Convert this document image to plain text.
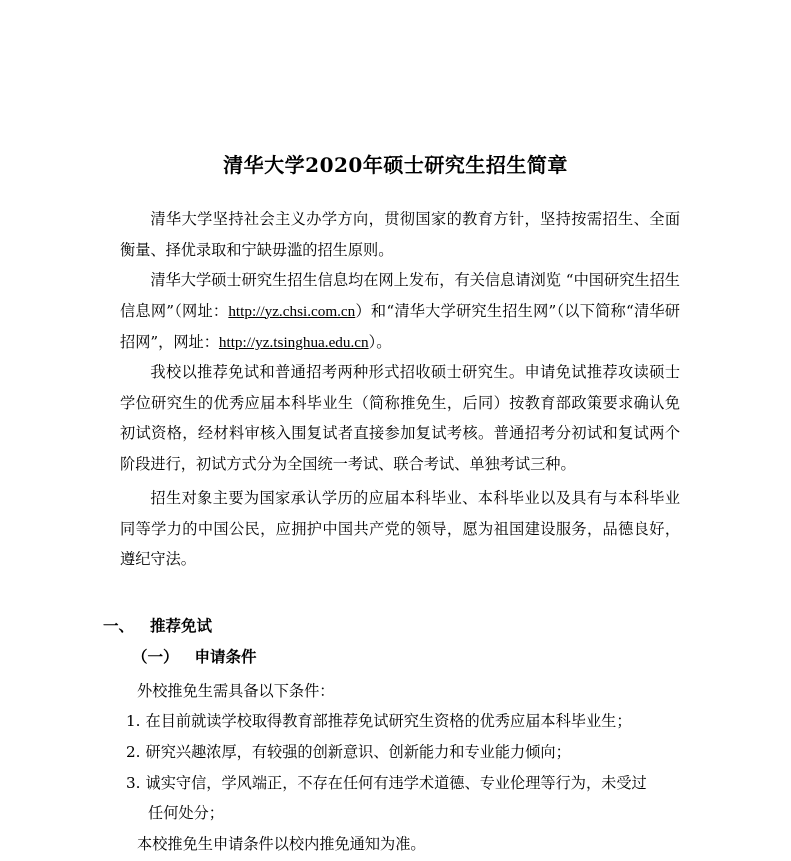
清华大学2020年硕士研究生招生简章

清华大学坚持社会主义办学方向，贯彻国家的教育方针，坚持按需招生、全面衡量、择优录取和宁缺毋滥的招生原则。

清华大学硕士研究生招生信息均在网上发布，有关信息请浏览 “中国研究生招生信息网”（网址：http://yz.chsi.com.cn）和“清华大学研究生招生网”（以下简称“清华研招网”，网址：http://yz.tsinghua.edu.cn）。

我校以推荐免试和普通招考两种形式招收硕士研究生。申请免试推荐攻读硕士学位研究生的优秀应届本科毕业生（简称推免生，后同）按教育部政策要求确认免初试资格，经材料审核入围复试者直接参加复试考核。普通招考分初试和复试两个阶段进行，初试方式分为全国统一考试、联合考试、单独考试三种。

招生对象主要为国家承认学历的应届本科毕业、本科毕业以及具有与本科毕业同等学力的中国公民，应拥护中国共产党的领导，愿为祖国建设服务，品德良好，遵纪守法。

一、 推荐免试
（一） 申请条件

外校推免生需具备以下条件：

1. 在目前就读学校取得教育部推荐免试研究生资格的优秀应届本科毕业生；

2. 研究兴趣浓厚，有较强的创新意识、创新能力和专业能力倾向；

3. 诚实守信，学风端正，不存在任何有违学术道德、专业伦理等行为，未受过

任何处分；

本校推免生申请条件以校内推免通知为准。
